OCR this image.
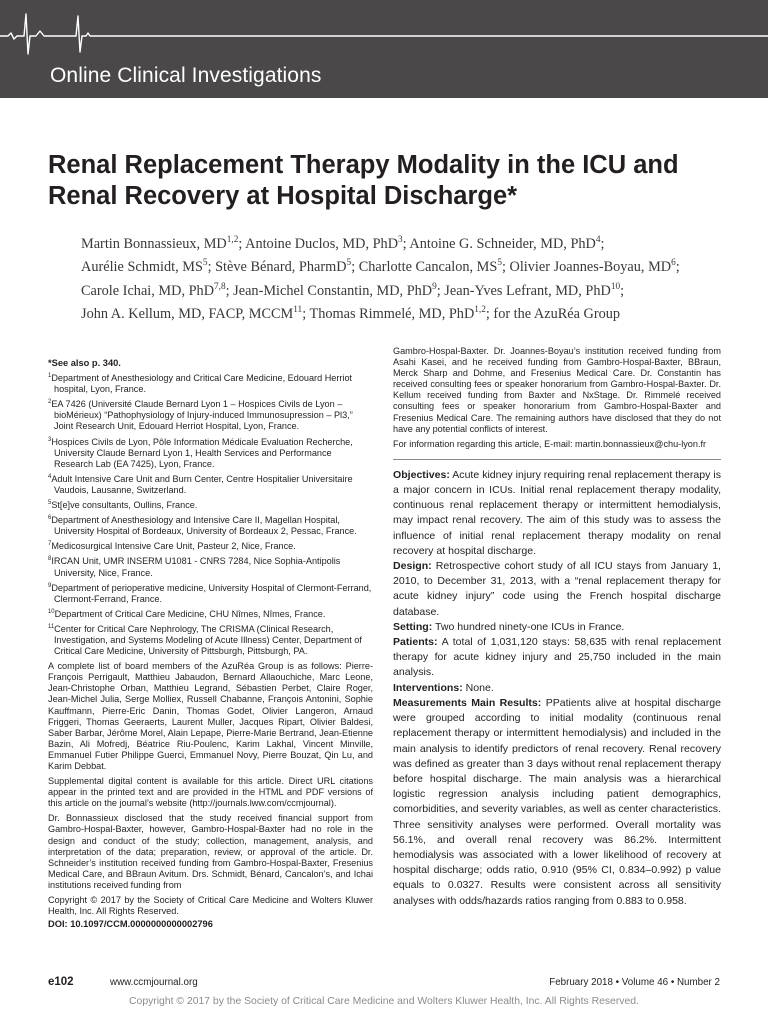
Online Clinical Investigations
Renal Replacement Therapy Modality in the ICU and Renal Recovery at Hospital Discharge*

Martin Bonnassieux, MD$^{1,2}$; Antoine Duclos, MD, PhD$^3$; Antoine G. Schneider, MD, PhD$^4$;
Aurélie Schmidt, $MS^5$; Stève Bénard, PharmD$^5$; Charlotte Cancalon, $MS^5$; Olivier Joannes-Boyau, $MD^6$;
Carole Ichai, MD, PhD$^{7,8}$; Jean-Michel Constantin, MD, PhD$^9$; Jean-Yves Lefrant, MD, PhD$^{10}$;
John A. Kellum, MD, FACP, MCCM$^{11}$; Thomas Rimmelé, MD, PhD$^{1,2}$; for the AzuRéa Group

*See also p. 340.

$^1$Department of Anesthesiology and Critical Care Medicine, Edouard Herriot hospital, Lyon, France.

$^2$EA 7426 (Université Claude Bernard Lyon 1 – Hospices Civils de Lyon – bioMérieux) “Pathophysiology of Injury-induced Immunosupression – Pl3,” Joint Research Unit, Edouard Herriot Hospital, Lyon, France.

$^3$Hospices Civils de Lyon, Pôle Information Médicale Evaluation Recherche, University Claude Bernard Lyon 1, Health Services and Performance Research Lab (EA 7425), Lyon, France.

$^4$Adult Intensive Care Unit and Burn Center, Centre Hospitalier Universitaire Vaudois, Lausanne, Switzerland.

$^5$St[e]ve consultants, Oullins, France.

$^6$Department of Anesthesiology and Intensive Care II, Magellan Hospital, University Hospital of Bordeaux, University of Bordeaux 2, Pessac, France.

$^7$Medicosurgical Intensive Care Unit, Pasteur 2, Nice, France.

$^8$IRCAN Unit, UMR INSERM U1081 - CNRS 7284, Nice Sophia-Antipolis University, Nice, France.

$^9$Department of perioperative medicine, University Hospital of Clermont-Ferrand, Clermont-Ferrand, France.

$^{10}$Department of Critical Care Medicine, CHU Nîmes, Nîmes, France.

$^{11}$Center for Critical Care Nephrology, The CRISMA (Clinical Research, Investigation, and Systems Modeling of Acute Illness) Center, Department of Critical Care Medicine, University of Pittsburgh, Pittsburgh, PA.

A complete list of board members of the AzuRéa Group is as follows: Pierre-François Perrigault, Matthieu Jabaudon, Bernard Allaouchiche, Marc Leone, Jean-Christophe Orban, Matthieu Legrand, Sébastien Perbet, Claire Roger, Jean-Michel Julia, Serge Molliex, Russell Chabanne, François Antonini, Sophie Kauffmann, Pierre-Eric Danin, Thomas Godet, Olivier Langeron, Arnaud Friggeri, Thomas Geeraerts, Laurent Muller, Jacques Ripart, Olivier Baldesi, Saber Barbar, Jérôme Morel, Alain Lepape, Pierre-Marie Bertrand, Jean-Etienne Bazin, Ali Mofredj, Béatrice Riu-Poulenc, Karim Lakhal, Vincent Minville, Emmanuel Futier Philippe Guerci, Emmanuel Novy, Pierre Bouzat, Qin Lu, and Karim Debbat.

Supplemental digital content is available for this article. Direct URL citations appear in the printed text and are provided in the HTML and PDF versions of this article on the journal’s website (http://journals.lww.com/ccmjournal).

Dr. Bonnassieux disclosed that the study received financial support from Gambro-Hospal-Baxter, however, Gambro-Hospal-Baxter had no role in the design and conduct of the study; collection, management, analysis, and interpretation of the data; preparation, review, or approval of the article. Dr. Schneider’s institution received funding from Gambro-Hospal-Baxter, Fresenius Medical Care, and BBraun Avitum. Drs. Schmidt, Bénard, Cancalon’s, and Ichai institutions received funding from

Copyright © 2017 by the Society of Critical Care Medicine and Wolters Kluwer Health, Inc. All Rights Reserved.

DOI: 10.1097/CCM.0000000000002796

Gambro-Hospal-Baxter. Dr. Joannes-Boyau’s institution received funding from Asahi Kasei, and he received funding from Gambro-Hospal-Baxter, BBraun, Merck Sharp and Dohme, and Fresenius Medical Care. Dr. Constantin has received consulting fees or speaker honorarium from Gambro-Hospal-Baxter. Dr. Kellum received funding from Baxter and NxStage. Dr. Rimmelé received consulting fees or speaker honorarium from Gambro-Hospal-Baxter and Fresenius Medical Care. The remaining authors have disclosed that they do not have any potential conflicts of interest.

For information regarding this article, E-mail: martin.bonnassieux@chu-lyon.fr

Objectives: Acute kidney injury requiring renal replacement therapy is a major concern in ICUs. Initial renal replacement therapy modality, continuous renal replacement therapy or intermittent hemodialysis, may impact renal recovery. The aim of this study was to assess the influence of initial renal replacement therapy modality on renal recovery at hospital discharge.

Design: Retrospective cohort study of all ICU stays from January 1, 2010, to December 31, 2013, with a “renal replacement therapy for acute kidney injury” code using the French hospital discharge database.

Setting: Two hundred ninety-one ICUs in France.

Patients: A total of 1,031,120 stays: 58,635 with renal replacement therapy for acute kidney injury and 25,750 included in the main analysis.

Interventions: None.

Measurements Main Results: PPatients alive at hospital discharge were grouped according to initial modality (continuous renal replacement therapy or intermittent hemodialysis) and included in the main analysis to identify predictors of renal recovery. Renal recovery was defined as greater than 3 days without renal replacement therapy before hospital discharge. The main analysis was a hierarchical logistic regression analysis including patient demographics, comorbidities, and severity variables, as well as center characteristics. Three sensitivity analyses were performed. Overall mortality was 56.1%, and overall renal recovery was 86.2%. Intermittent hemodialysis was associated with a lower likelihood of recovery at hospital discharge; odds ratio, 0.910 (95% CI, 0.834–0.992) p value equals to 0.0327. Results were consistent across all sensitivity analyses with odds/hazards ratios ranging from 0.883 to 0.958.

e102	www.ccmjournal.org	February 2018 • Volume 46 • Number 2
Copyright © 2017 by the Society of Critical Care Medicine and Wolters Kluwer Health, Inc. All Rights Reserved.
